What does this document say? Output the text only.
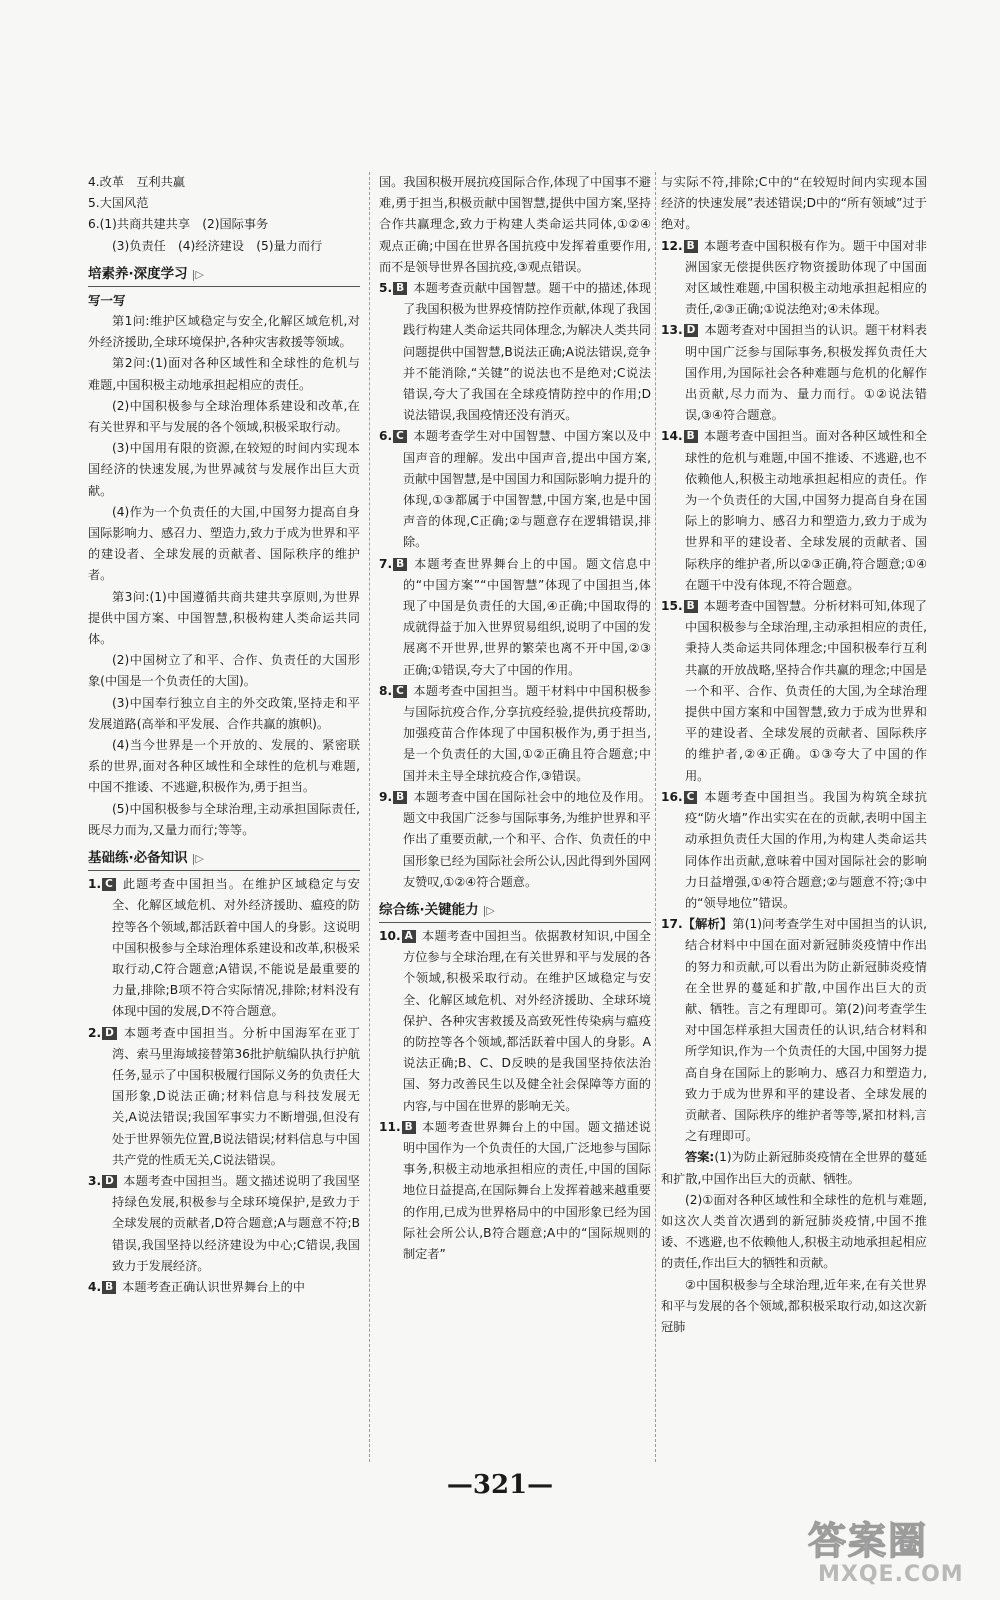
4.改革　互利共赢

5.大国风范

6.(1)共商共建共享　(2)国际事务

(3)负责任　(4)经济建设　(5)量力而行

培素养·深度学习 |▷

写一写

第1问:维护区域稳定与安全,化解区域危机,对外经济援助,全球环境保护,各种灾害救援等领域。

第2问:(1)面对各种区域性和全球性的危机与难题,中国积极主动地承担起相应的责任。

(2)中国积极参与全球治理体系建设和改革,在有关世界和平与发展的各个领域,积极采取行动。

(3)中国用有限的资源,在较短的时间内实现本国经济的快速发展,为世界减贫与发展作出巨大贡献。

(4)作为一个负责任的大国,中国努力提高自身国际影响力、感召力、塑造力,致力于成为世界和平的建设者、全球发展的贡献者、国际秩序的维护者。

第3问:(1)中国遵循共商共建共享原则,为世界提供中国方案、中国智慧,积极构建人类命运共同体。

(2)中国树立了和平、合作、负责任的大国形象(中国是一个负责任的大国)。

(3)中国奉行独立自主的外交政策,坚持走和平发展道路(高举和平发展、合作共赢的旗帜)。

(4)当今世界是一个开放的、发展的、紧密联系的世界,面对各种区域性和全球性的危机与难题,中国不推诿、不逃避,积极作为,勇于担当。

(5)中国积极参与全球治理,主动承担国际责任,既尽力而为,又量力而行;等等。

基础练·必备知识 |▷

1. C 此题考查中国担当。在维护区域稳定与安全、化解区域危机、对外经济援助、瘟疫的防控等各个领域,都活跃着中国人的身影。这说明中国积极参与全球治理体系建设和改革,积极采取行动,C符合题意;A错误,不能说是最重要的力量,排除;B项不符合实际情况,排除;材料没有体现中国的发展,D不符合题意。

2. D 本题考查中国担当。分析中国海军在亚丁湾、索马里海域接替第36批护航编队执行护航任务,显示了中国积极履行国际义务的负责任大国形象,D说法正确;材料信息与科技发展无关,A说法错误;我国军事实力不断增强,但没有处于世界领先位置,B说法错误;材料信息与中国共产党的性质无关,C说法错误。

3. D 本题考查中国担当。题文描述说明了我国坚持绿色发展,积极参与全球环境保护,是致力于全球发展的贡献者,D符合题意;A与题意不符;B错误,我国坚持以经济建设为中心;C错误,我国致力于发展经济。

4. B 本题考查正确认识世界舞台上的中

国。我国积极开展抗疫国际合作,体现了中国事不避难,勇于担当,积极贡献中国智慧,提供中国方案,坚持合作共赢理念,致力于构建人类命运共同体,①②④观点正确;中国在世界各国抗疫中发挥着重要作用,而不是领导世界各国抗疫,③观点错误。

5. B 本题考查贡献中国智慧。题干中的描述,体现了我国积极为世界疫情防控作贡献,体现了我国践行构建人类命运共同体理念,为解决人类共同问题提供中国智慧,B说法正确;A说法错误,竞争并不能消除,“关键”的说法也不是绝对;C说法错误,夸大了我国在全球疫情防控中的作用;D说法错误,我国疫情还没有消灭。

6. C 本题考查学生对中国智慧、中国方案以及中国声音的理解。发出中国声音,提出中国方案,贡献中国智慧,是中国国力和国际影响力提升的体现,①③都属于中国智慧,中国方案,也是中国声音的体现,C正确;②与题意存在逻辑错误,排除。

7. B 本题考查世界舞台上的中国。题文信息中的“中国方案”“中国智慧”体现了中国担当,体现了中国是负责任的大国,④正确;中国取得的成就得益于加入世界贸易组织,说明了中国的发展离不开世界,世界的繁荣也离不开中国,②③正确;①错误,夸大了中国的作用。

8. C 本题考查中国担当。题干材料中中国积极参与国际抗疫合作,分享抗疫经验,提供抗疫帮助,加强疫苗合作体现了中国积极作为,勇于担当,是一个负责任的大国,①②正确且符合题意;中国并未主导全球抗疫合作,③错误。

9. B 本题考查中国在国际社会中的地位及作用。题文中我国广泛参与国际事务,为维护世界和平作出了重要贡献,一个和平、合作、负责任的中国形象已经为国际社会所公认,因此得到外国网友赞叹,①②④符合题意。

综合练·关键能力 |▷

10. A 本题考查中国担当。依据教材知识,中国全方位参与全球治理,在有关世界和平与发展的各个领域,积极采取行动。在维护区域稳定与安全、化解区域危机、对外经济援助、全球环境保护、各种灾害救援及高致死性传染病与瘟疫的防控等各个领域,都活跃着中国人的身影。A说法正确;B、C、D反映的是我国坚持依法治国、努力改善民生以及健全社会保障等方面的内容,与中国在世界的影响无关。

11. B 本题考查世界舞台上的中国。题文描述说明中国作为一个负责任的大国,广泛地参与国际事务,积极主动地承担相应的责任,中国的国际地位日益提高,在国际舞台上发挥着越来越重要的作用,已成为世界格局中的中国形象已经为国际社会所公认,B符合题意;A中的“国际规则的制定者”

与实际不符,排除;C中的“在较短时间内实现本国经济的快速发展”表述错误;D中的“所有领域”过于绝对。

12. B 本题考查中国积极有作为。题干中国对非洲国家无偿提供医疗物资援助体现了中国面对区域性难题,中国积极主动地承担起相应的责任,②③正确;①说法绝对;④未体现。

13. D 本题考查对中国担当的认识。题干材料表明中国广泛参与国际事务,积极发挥负责任大国作用,为国际社会各种难题与危机的化解作出贡献,尽力而为、量力而行。①②说法错误,③④符合题意。

14. B 本题考查中国担当。面对各种区域性和全球性的危机与难题,中国不推诿、不逃避,也不依赖他人,积极主动地承担起相应的责任。作为一个负责任的大国,中国努力提高自身在国际上的影响力、感召力和塑造力,致力于成为世界和平的建设者、全球发展的贡献者、国际秩序的维护者,所以②③正确,符合题意;①④在题干中没有体现,不符合题意。

15. B 本题考查中国智慧。分析材料可知,体现了中国积极参与全球治理,主动承担相应的责任,秉持人类命运共同体理念;中国积极奉行互利共赢的开放战略,坚持合作共赢的理念;中国是一个和平、合作、负责任的大国,为全球治理提供中国方案和中国智慧,致力于成为世界和平的建设者、全球发展的贡献者、国际秩序的维护者,②④正确。①③夸大了中国的作用。

16. C 本题考查中国担当。我国为构筑全球抗疫“防火墙”作出实实在在的贡献,表明中国主动承担负责任大国的作用,为构建人类命运共同体作出贡献,意味着中国对国际社会的影响力日益增强,①④符合题意;②与题意不符;③中的“领导地位”错误。

17.【解析】第(1)问考查学生对中国担当的认识,结合材料中中国在面对新冠肺炎疫情中作出的努力和贡献,可以看出为防止新冠肺炎疫情在全世界的蔓延和扩散,中国作出巨大的贡献、牺牲。言之有理即可。第(2)问考查学生对中国怎样承担大国责任的认识,结合材料和所学知识,作为一个负责任的大国,中国努力提高自身在国际上的影响力、感召力和塑造力,致力于成为世界和平的建设者、全球发展的贡献者、国际秩序的维护者等等,紧扣材料,言之有理即可。

答案:(1)为防止新冠肺炎疫情在全世界的蔓延和扩散,中国作出巨大的贡献、牺牲。

(2)①面对各种区域性和全球性的危机与难题,如这次人类首次遇到的新冠肺炎疫情,中国不推诿、不逃避,也不依赖他人,积极主动地承担起相应的责任,作出巨大的牺牲和贡献。

②中国积极参与全球治理,近年来,在有关世界和平与发展的各个领域,都积极采取行动,如这次新冠肺

—321—
答案圈
MXQE.COM
